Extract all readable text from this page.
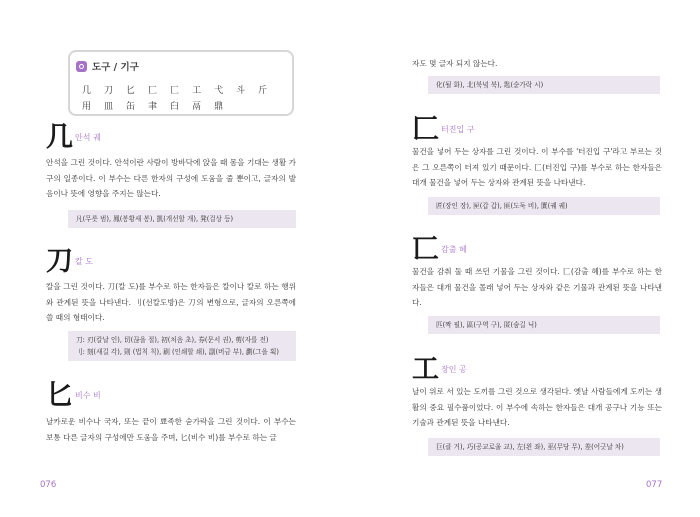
도구 / 기구
几 刀 匕 匚 匸 工 弋 斗 斤
用 皿 缶 聿 臼 鬲 鼎
几 안석 궤

안석을 그린 것이다. 안석이란 사람이 방바닥에 앉을 때 몸을 기대는 생활 가구의 일종이다. 이 부수는 다른 한자의 구성에 도움을 줄 뿐이고, 글자의 발음이나 뜻에 영향을 주지는 않는다.

凡(무릇 범), 鳳(봉황새 봉), 凱(개선할 개), 凳(걸상 등)
刀 칼 도

칼을 그린 것이다. 刀(칼 도)를 부수로 하는 한자들은 칼이나 칼로 하는 행위와 관계된 뜻을 나타낸다. 刂(선칼도방)은 刀의 변형으로, 글자의 오른쪽에 쓸 때의 형태이다.

刀: 刃(칼날 인), 切(끊을 절), 初(처음 초), 券(문서 권), 剪(자를 전)
刂: 刻(새길 각), 則 (법칙 칙), 刷 (인쇄할 쇄), 副(버금 부), 劃(그을 획)
匕 비수 비

날카로운 비수나 국자, 또는 끝이 뾰족한 숟가락을 그린 것이다. 이 부수는 보통 다른 글자의 구성에만 도움을 주며, 匕(비수 비)를 부수로 하는 글

076

자도 몇 글자 되지 않는다.

化(될 화), 北(북녘 북), 匙(숟가락 시)
匚 터진입 구

물건을 넣어 두는 상자를 그린 것이다. 이 부수를 '터진입 구'라고 부르는 것은 그 오른쪽이 터져 있기 때문이다. 匚(터진입 구)를 부수로 하는 한자들은 대개 물건을 넣어 두는 상자와 관계된 뜻을 나타낸다.

匠(장인 장), 匣(갑 갑), 匪(도둑 비), 匱(궤 궤)
匸 감출 혜

물건을 감춰 둘 때 쓰던 기물을 그린 것이다. 匸(감출 혜)를 부수로 하는 한자들은 대개 물건을 몰래 넣어 두는 상자와 같은 기물과 관계된 뜻을 나타낸다.

匹(짝 필), 區(구역 구), 匿(숨길 닉)
工 장인 공

날이 위로 서 있는 도끼를 그린 것으로 생각된다. 옛날 사람들에게 도끼는 생활의 중요 필수품이었다. 이 부수에 속하는 한자들은 대개 공구나 기능 또는 기술과 관계된 뜻을 나타낸다.

巨(클 거), 巧(공교로울 교), 左(왼 좌), 巫(무당 무), 差(어긋날 차)
077
